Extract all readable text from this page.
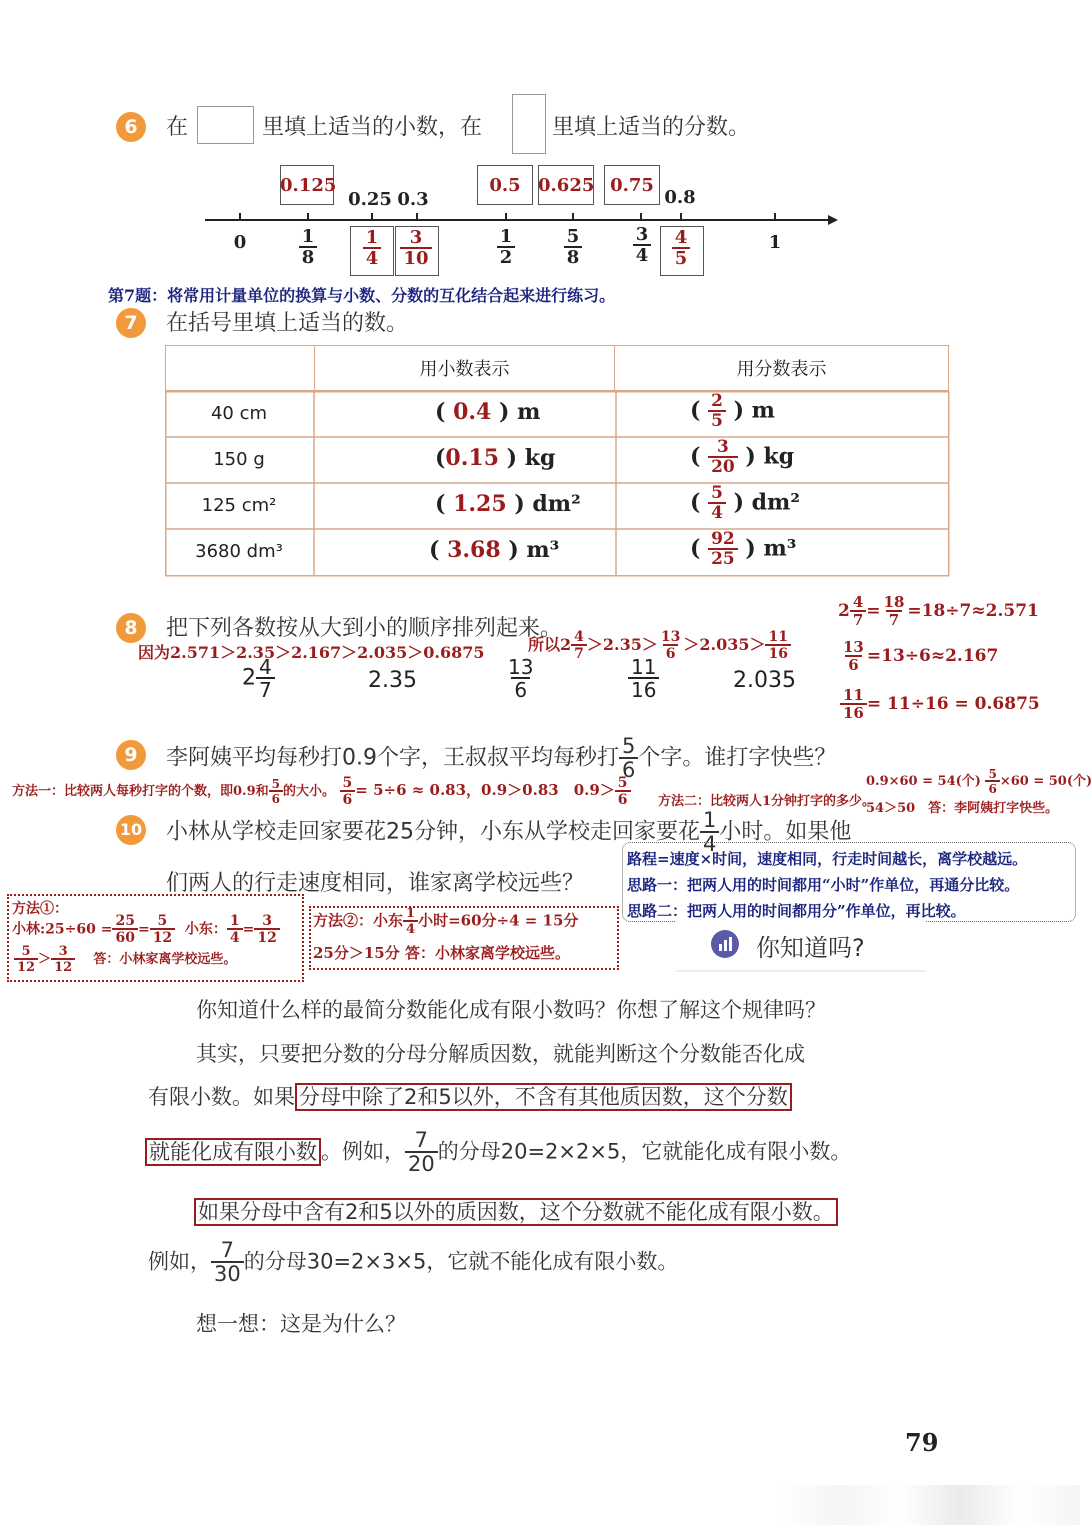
6	在	里填上适当的小数，在	里填上适当的分数。
0.125	0.5 0.625 0.75
0.25 0.3	0.8
0	1
$\frac{1}{8}$	$\frac{1}{2}$	$\frac{5}{8}$	$\frac{3}{4}$
$\frac{1}{4} \frac{3}{10}$	$\frac{4}{5}$
第7题：将常用计量单位的换算与小数、分数的互化结合起来进行练习。
7	在括号里填上适当的数。
	用小数表示	用分数表示
40 cm	( 0.4 ) m	( $\frac{2}{5}$ ) m
150 g	(0.15 ) kg	( $\frac{3}{20}$ ) kg
125 cm²	( 1.25 ) dm²	( $\frac{5}{4}$ ) dm²
3680 dm³	( 3.68 ) m³	( $\frac{92}{25}$ ) m³
8	把下列各数按从大到小的顺序排列起来。
因为2.571＞2.35＞2.167＞2.035＞0.6875	所以$2 \frac{4}{7} >2.35> \frac{13}{6} >2.035> \frac{11}{16}$
$2 \frac{4}{7}$	2.35	$\frac{13}{6}$	$\frac{11}{16}$	2.035
$2 \frac{4}{7} = \frac{18}{7} =18\div 7\approx 2.571$
$\frac{13}{6} =13\div 6\approx 2.167$
$\frac{11}{16} = 11\div 16 = 0.6875$
9	李阿姨平均每秒打0.9个字，王叔叔平均每秒打 $\frac{5}{6}$ 个字。谁打字快些？
方法一：比较两人每秒打字的个数，即0.9和 $\frac{5}{6}$ 的大小。 $\frac{5}{6} = 5\div 6 \approx 0.83$，0.9＞0.83　$0.9> \frac{5}{6}$ 方法二：比较两人1分钟打字的多少。
0.9×60 = 54(个) $\frac{5}{6} \times 60 = 50$(个)
54＞50　答：李阿姨打字快些。
10 小林从学校走回家要花25分钟，小东从学校走回家要花 $\frac{1}{4}$ 小时。如果他
们两人的行走速度相同，谁家离学校远些？
路程=速度×时间，速度相同，行走时间越长，离学校越远。
思路一：把两人用的时间都用“小时”作单位，再通分比较。
思路二：把两人用的时间都用分”作单位，再比较。
方法①：
小林:25÷60 = $\frac{25}{60} = \frac{5}{12}$ 小东： $\frac{1}{4} = \frac{3}{12}$
$\frac{5}{12} > \frac{3}{12}$ 答：小林家离学校远些。
方法②：小东 $\frac{1}{4}$ 小时=60分÷4 = 15分
25分＞15分 答：小林家离学校远些。	你知道吗?
你知道什么样的最简分数能化成有限小数吗？你想了解这个规律吗？
其实，只要把分数的分母分解质因数，就能判断这个分数能否化成
有限小数。如果 分母中除了2和5以外，不含有其他质因数，这个分数
就能化成有限小数 。例如， $\frac{7}{20}$ 的分母20=2×2×5，它就能化成有限小数。
如果分母中含有2和5以外的质因数，这个分数就不能化成有限小数。
例如， $\frac{7}{30}$ 的分母30=2×3×5，它就不能化成有限小数。
想一想：这是为什么？
79
